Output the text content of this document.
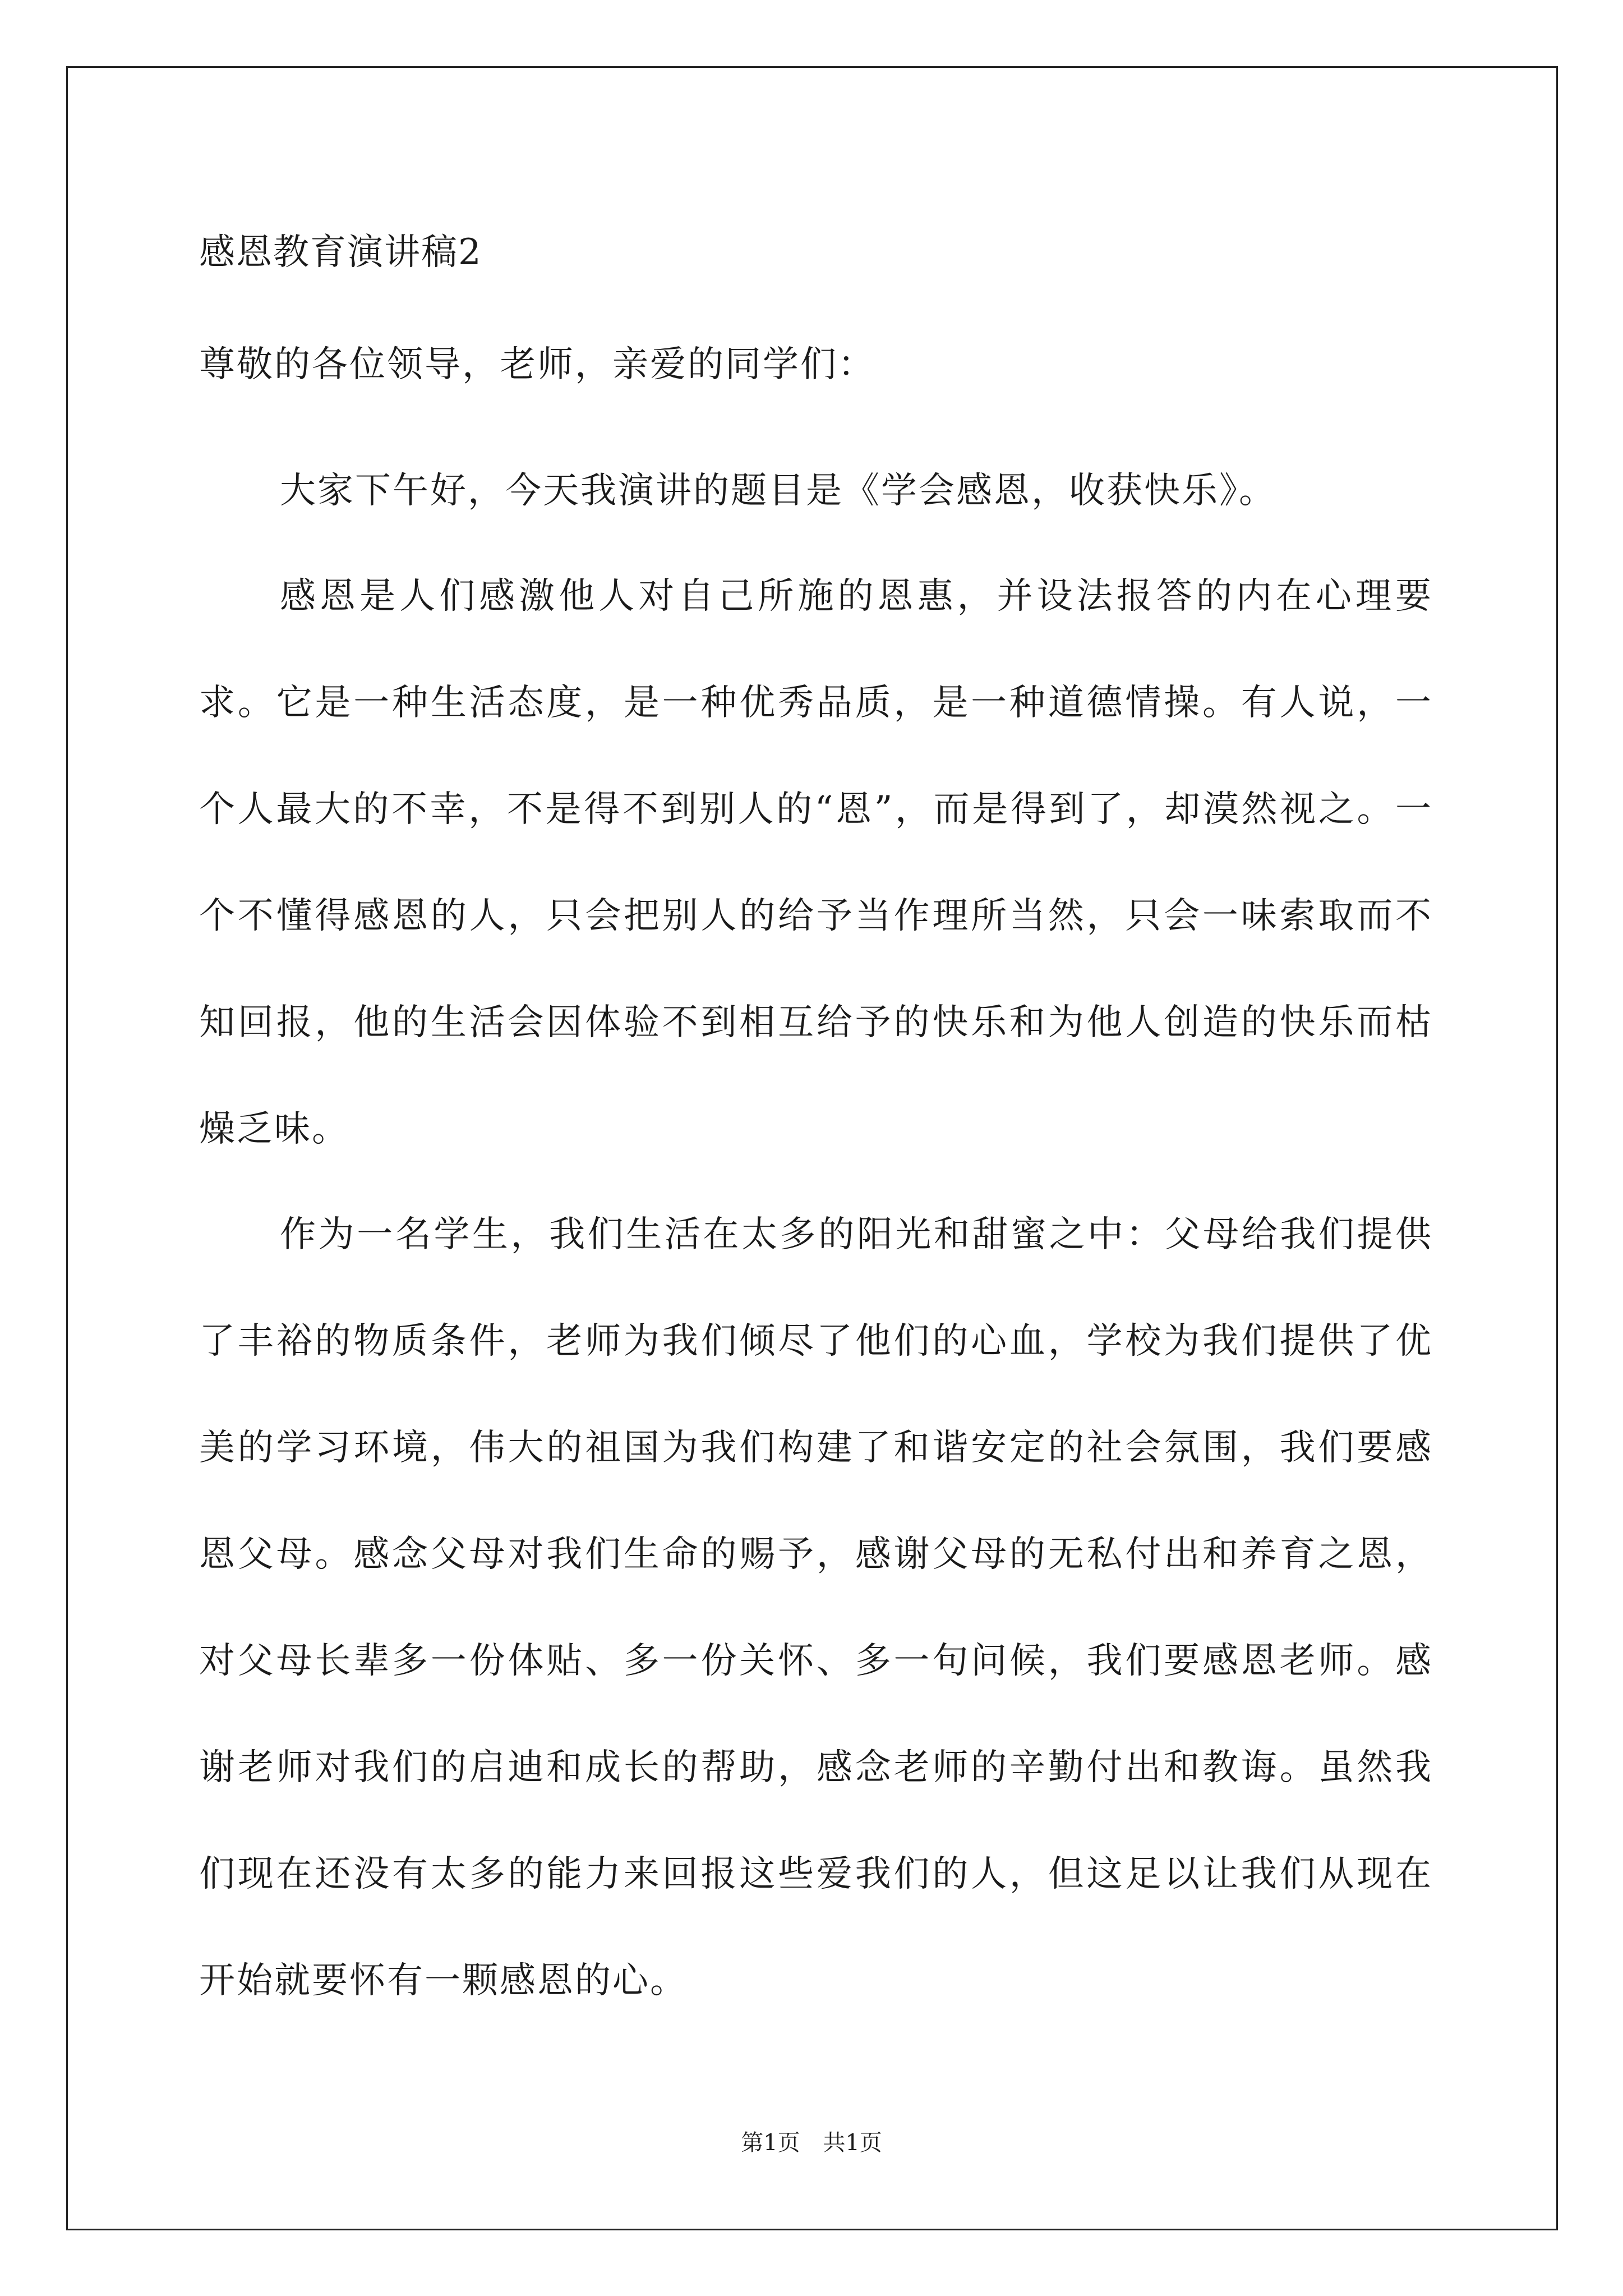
感恩教育演讲稿2

尊敬的各位领导，老师，亲爱的同学们：

大家下午好，今天我演讲的题目是《学会感恩，收获快乐》。

感恩是人们感激他人对自己所施的恩惠，并设法报答的内在心理要求。它是一种生活态度，是一种优秀品质，是一种道德情操。有人说，一个人最大的不幸，不是得不到别人的“恩”，而是得到了，却漠然视之。一个不懂得感恩的人，只会把别人的给予当作理所当然，只会一味索取而不知回报，他的生活会因体验不到相互给予的快乐和为他人创造的快乐而枯燥乏味。

作为一名学生，我们生活在太多的阳光和甜蜜之中：父母给我们提供了丰裕的物质条件，老师为我们倾尽了他们的心血，学校为我们提供了优美的学习环境，伟大的祖国为我们构建了和谐安定的社会氛围，我们要感恩父母。感念父母对我们生命的赐予，感谢父母的无私付出和养育之恩，对父母长辈多一份体贴、多一份关怀、多一句问候，我们要感恩老师。感谢老师对我们的启迪和成长的帮助，感念老师的辛勤付出和教诲。虽然我们现在还没有太多的能力来回报这些爱我们的人，但这足以让我们从现在开始就要怀有一颗感恩的心。

第1页 共1页
